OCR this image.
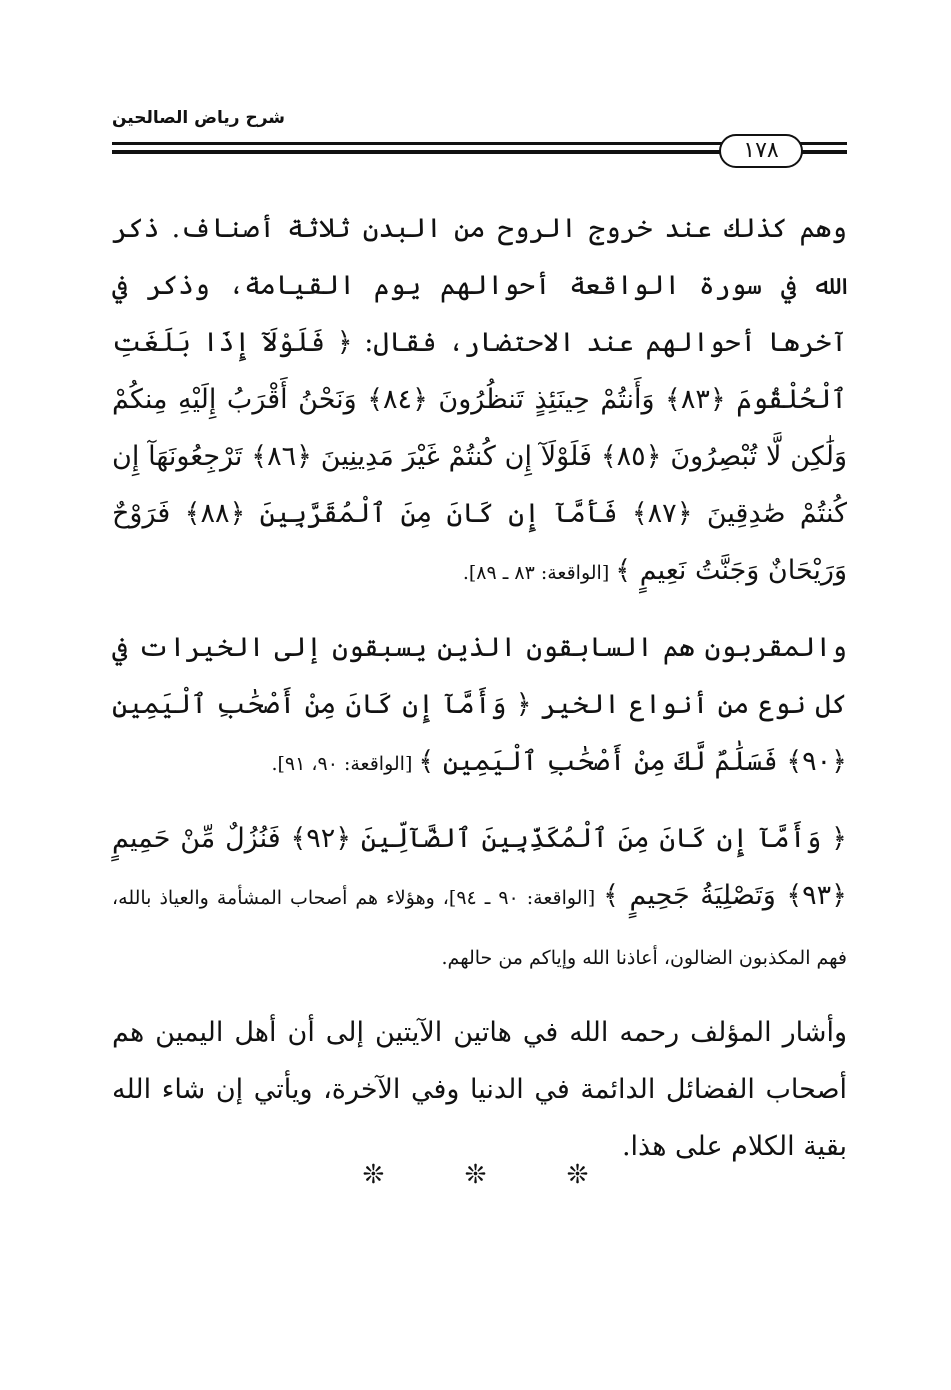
شرح رياض الصالحين
١٧٨

وهم كذلك عند خروج الروح من البدن ثلاثة أصناف. ذكر الله في سورة الواقعة أحوالهم يوم القيامة، وذكر في آخرها أحوالهم عند الاحتضار، فقال: ﴿ فَلَوْلَآ إِذَا بَلَغَتِ ٱلْحُلْقُومَ ﴿٨٣﴾ وَأَنتُمْ حِينَئِذٍ تَنظُرُونَ ﴿٨٤﴾ وَنَحْنُ أَقْرَبُ إِلَيْهِ مِنكُمْ وَلَٰكِن لَّا تُبْصِرُونَ ﴿٨٥﴾ فَلَوْلَآ إِن كُنتُمْ غَيْرَ مَدِينِينَ ﴿٨٦﴾ تَرْجِعُونَهَآ إِن كُنتُمْ صَٰدِقِينَ ﴿٨٧﴾ فَأَمَّآ إِن كَانَ مِنَ ٱلْمُقَرَّبِينَ ﴿٨٨﴾ فَرَوْحٌ وَرَيْحَانٌ وَجَنَّتُ نَعِيمٍ ﴾ [الواقعة: ٨٣ ـ ٨٩].

والمقربون هم السابقون الذين يسبقون إلى الخيرات في كل نوع من أنواع الخير ﴿ وَأَمَّآ إِن كَانَ مِنْ أَصْحَٰبِ ٱلْيَمِينِ ﴿٩٠﴾ فَسَلَٰمٌ لَّكَ مِنْ أَصْحَٰبِ ٱلْيَمِينِ ﴾ [الواقعة: ٩٠، ٩١].

﴿ وَأَمَّآ إِن كَانَ مِنَ ٱلْمُكَذِّبِينَ ٱلضَّآلِّينَ ﴿٩٢﴾ فَنُزُلٌ مِّنْ حَمِيمٍ ﴿٩٣﴾ وَتَصْلِيَةُ جَحِيمٍ ﴾ [الواقعة: ٩٠ ـ ٩٤]، وهؤلاء هم أصحاب المشأمة والعياذ بالله، فهم المكذبون الضالون، أعاذنا الله وإياكم من حالهم.

وأشار المؤلف رحمه الله في هاتين الآيتين إلى أن أهل اليمين هم أصحاب الفضائل الدائمة في الدنيا وفي الآخرة، ويأتي إن شاء الله بقية الكلام على هذا.

❊	❊	❊
